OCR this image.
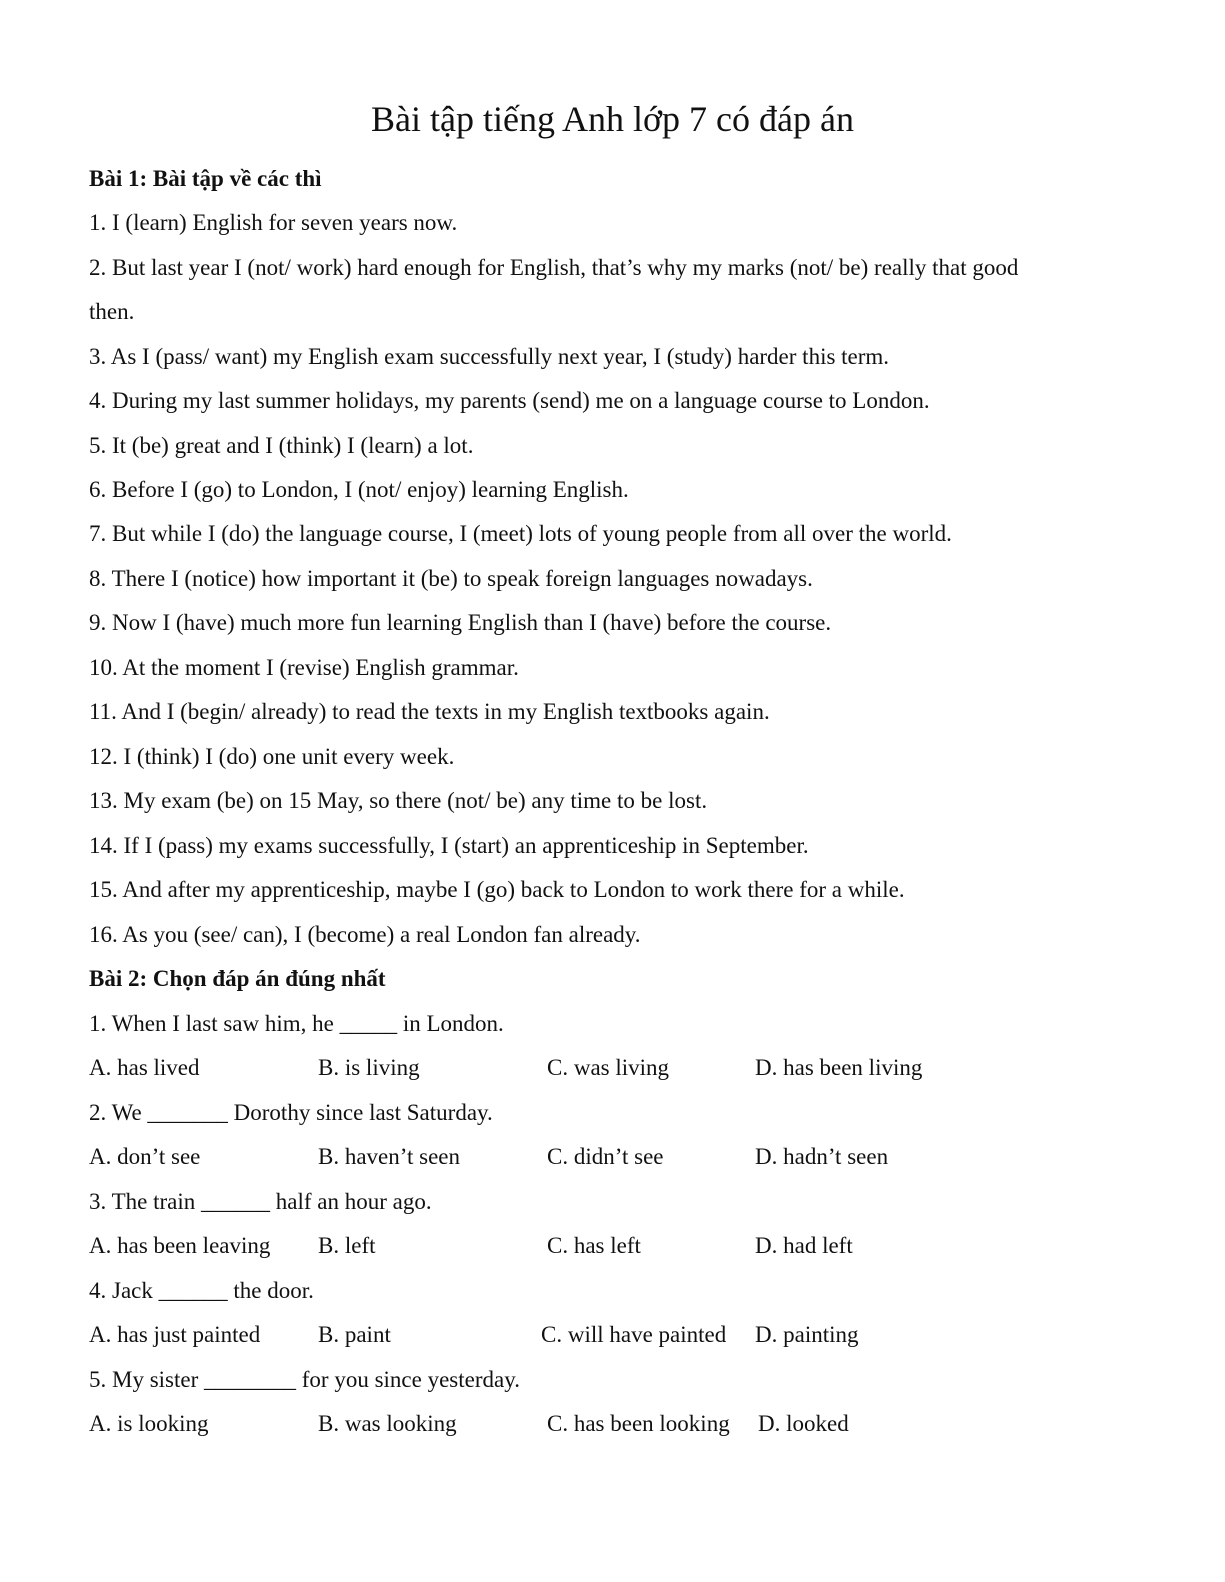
Bài tập tiếng Anh lớp 7 có đáp án
Bài 1: Bài tập về các thì
1. I (learn) English for seven years now.
2. But last year I (not/ work) hard enough for English, that’s why my marks (not/ be) really that good
then.
3. As I (pass/ want) my English exam successfully next year, I (study) harder this term.
4. During my last summer holidays, my parents (send) me on a language course to London.
5. It (be) great and I (think) I (learn) a lot.
6. Before I (go) to London, I (not/ enjoy) learning English.
7. But while I (do) the language course, I (meet) lots of young people from all over the world.
8. There I (notice) how important it (be) to speak foreign languages nowadays.
9. Now I (have) much more fun learning English than I (have) before the course.
10. At the moment I (revise) English grammar.
11. And I (begin/ already) to read the texts in my English textbooks again.
12. I (think) I (do) one unit every week.
13. My exam (be) on 15 May, so there (not/ be) any time to be lost.
14. If I (pass) my exams successfully, I (start) an apprenticeship in September.
15. And after my apprenticeship, maybe I (go) back to London to work there for a while.
16. As you (see/ can), I (become) a real London fan already.
Bài 2: Chọn đáp án đúng nhất
1. When I last saw him, he _____ in London.
A. has lived	B. is living	C. was living	D. has been living
2. We _______ Dorothy since last Saturday.
A. don’t see	B. haven’t seen	C. didn’t see	D. hadn’t seen
3. The train ______ half an hour ago.
A. has been leaving B. left	C. has left	D. had left
4. Jack ______ the door.
A. has just painted	B. paint	C. will have painted D. painting
5. My sister ________ for you since yesterday.
A. is looking	B. was looking	C. has been looking D. looked
